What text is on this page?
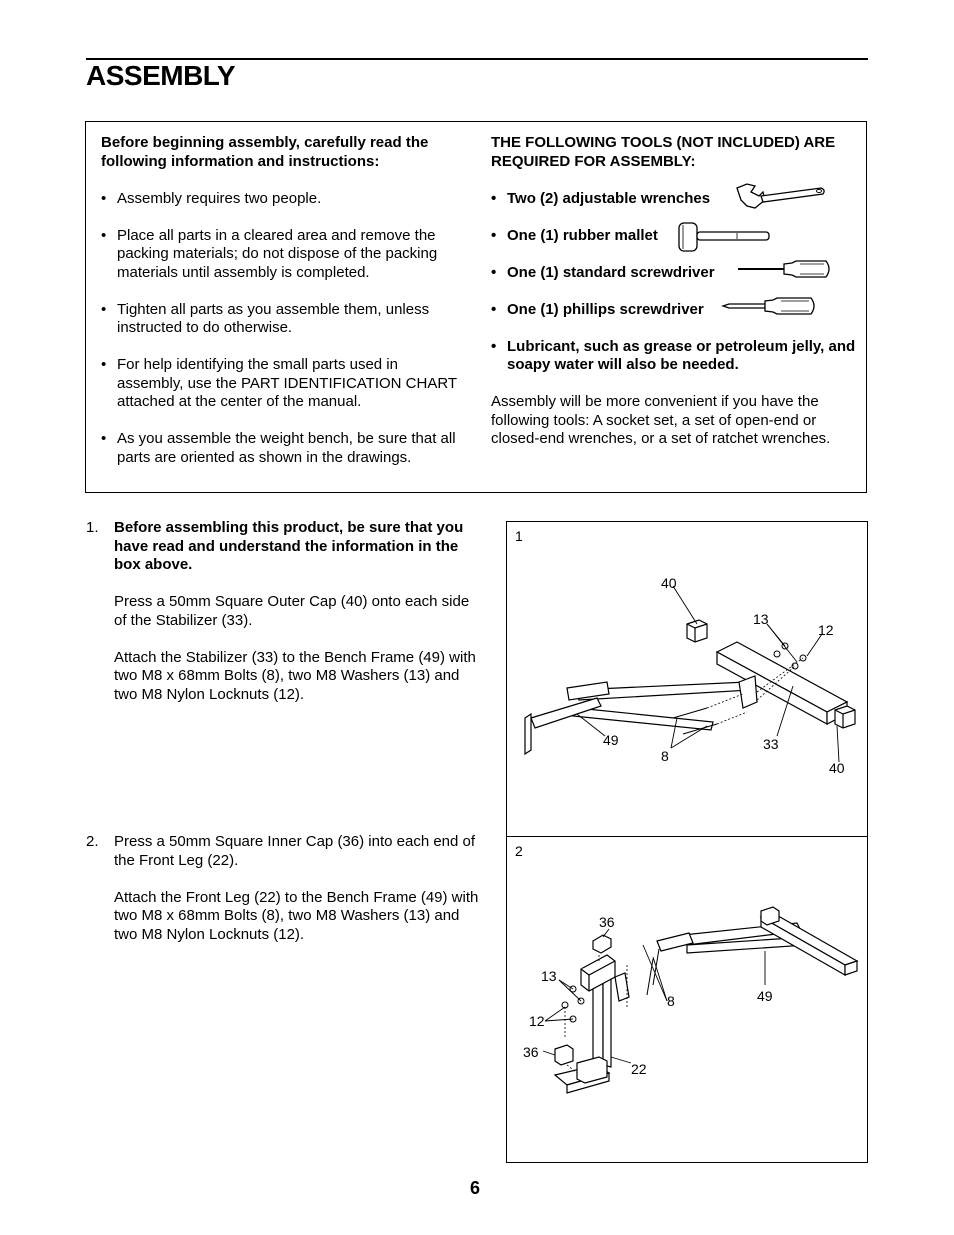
ASSEMBLY
Before beginning assembly, carefully read the following information and instructions:
• Assembly requires two people.
• Place all parts in a cleared area and remove the packing materials; do not dispose of the packing materials until assembly is completed.
• Tighten all parts as you assemble them, unless instructed to do otherwise.
• For help identifying the small parts used in assembly, use the PART IDENTIFICATION CHART attached at the center of the manual.
• As you assemble the weight bench, be sure that all parts are oriented as shown in the drawings.
THE FOLLOWING TOOLS (NOT INCLUDED) ARE REQUIRED FOR ASSEMBLY:
• Two (2) adjustable wrenches
• One (1) rubber mallet
• One (1) standard screwdriver
• One (1) phillips screwdriver
• Lubricant, such as grease or petroleum jelly, and soapy water will also be needed.
Assembly will be more convenient if you have the following tools: A socket set, a set of open-end or closed-end wrenches, or a set of ratchet wrenches.
1. Before assembling this product, be sure that you have read and understand the information in the box above.

Press a 50mm Square Outer Cap (40) onto each side of the Stabilizer (33).

Attach the Stabilizer (33) to the Bench Frame (49) with two M8 x 68mm Bolts (8), two M8 Washers (13) and two M8 Nylon Locknuts (12).

2. Press a 50mm Square Inner Cap (36) into each end of the Front Leg (22).

Attach the Front Leg (22) to the Bench Frame (49) with two M8 x 68mm Bolts (8), two M8 Washers (13) and two M8 Nylon Locknuts (12).

40
13
12
49
8
33
40
1
36
13
12
8	49
36
22
2
6
